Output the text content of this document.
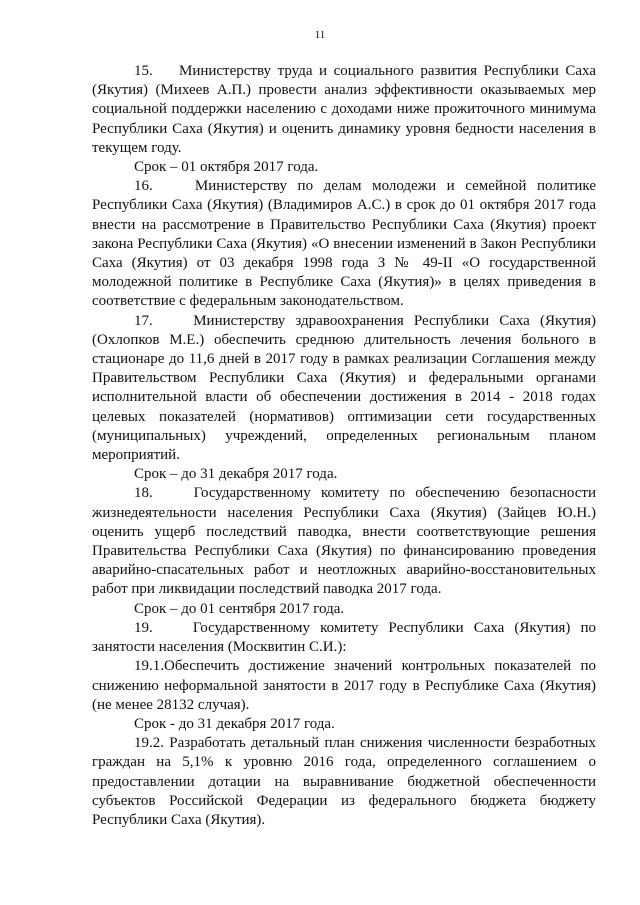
11

15.    Министерству труда и социального развития Республики Саха (Якутия) (Михеев А.П.) провести анализ эффективности оказываемых мер социальной поддержки населению с доходами ниже прожиточного минимума Республики Саха (Якутия) и оценить динамику уровня бедности населения в текущем году.

Срок – 01 октября 2017 года.

16.    Министерству по делам молодежи и семейной политике Республики Саха (Якутия) (Владимиров А.С.) в срок до 01 октября 2017 года внести на рассмотрение в Правительство Республики Саха (Якутия) проект закона Республики Саха (Якутия) «О внесении изменений в Закон Республики Саха (Якутия) от 03 декабря 1998 года З № 49-II «О государственной молодежной политике в Республике Саха (Якутия)» в целях приведения в соответствие с федеральным законодательством.

17.    Министерству здравоохранения Республики Саха (Якутия) (Охлопков М.Е.) обеспечить среднюю длительность лечения больного в стационаре до 11,6 дней в 2017 году в рамках реализации Соглашения между Правительством Республики Саха (Якутия) и федеральными органами исполнительной власти об обеспечении достижения в 2014 - 2018 годах целевых показателей (нормативов) оптимизации сети государственных (муниципальных) учреждений, определенных региональным планом мероприятий.

Срок – до 31 декабря 2017 года.

18.    Государственному комитету по обеспечению безопасности жизнедеятельности населения Республики Саха (Якутия) (Зайцев Ю.Н.) оценить ущерб последствий паводка, внести соответствующие решения Правительства Республики Саха (Якутия) по финансированию проведения аварийно-спасательных работ и неотложных аварийно-восстановительных работ при ликвидации последствий паводка 2017 года.

Срок – до 01 сентября 2017 года.

19.    Государственному комитету Республики Саха (Якутия) по занятости населения (Москвитин С.И.):

19.1.Обеспечить достижение значений контрольных показателей по снижению неформальной занятости в 2017 году в Республике Саха (Якутия) (не менее 28132 случая).

Срок - до 31 декабря 2017 года.

19.2. Разработать детальный план снижения численности безработных граждан на 5,1% к уровню 2016 года, определенного соглашением о предоставлении дотации на выравнивание бюджетной обеспеченности субъектов Российской Федерации из федерального бюджета бюджету Республики Саха (Якутия).
